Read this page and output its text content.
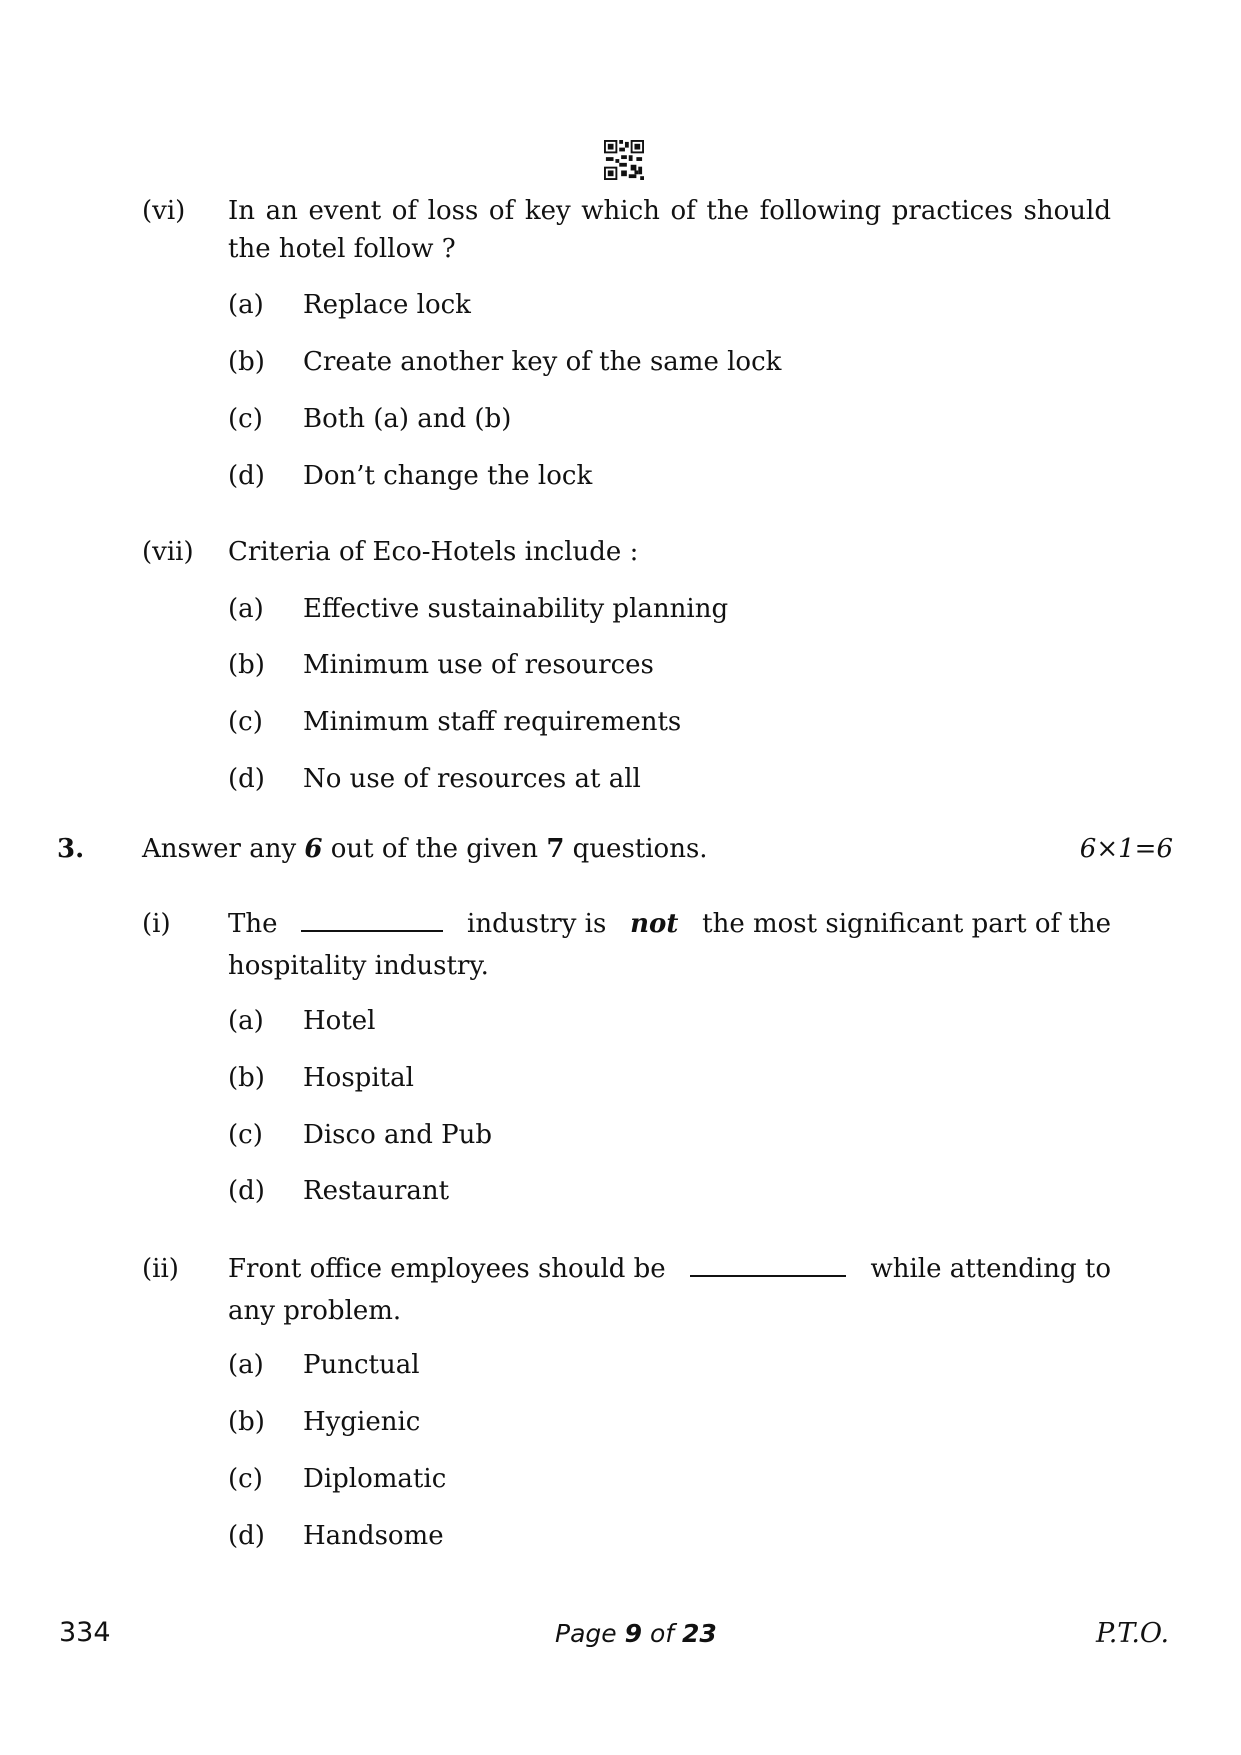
(vi) In an event of loss of key which of the following practices should
the hotel follow ?
(a) Replace lock
(b) Create another key of the same lock
(c) Both (a) and (b)
(d) Don’t change the lock
(vii) Criteria of Eco-Hotels include :
(a) Effective sustainability planning
(b) Minimum use of resources
(c) Minimum staff requirements
(d) No use of resources at all
3. Answer any 6 out of the given 7 questions.	6×1=6
(i) The	industry is not the most significant part of the
hospitality industry.
(a) Hotel
(b) Hospital
(c) Disco and Pub
(d) Restaurant
(ii) Front office employees should be	while attending to
any problem.
(a) Punctual
(b) Hygienic
(c) Diplomatic
(d) Handsome
334	Page 9 of 23	P.T.O.
